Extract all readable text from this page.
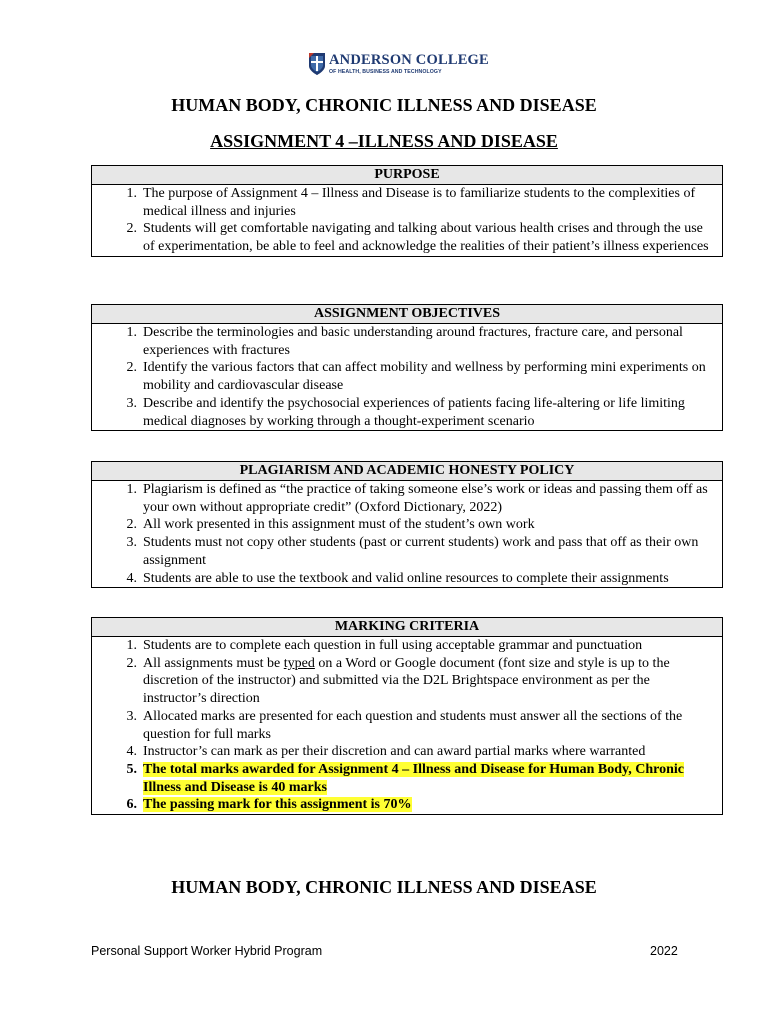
ANDERSON COLLEGE
OF HEALTH, BUSINESS AND TECHNOLOGY
HUMAN BODY, CHRONIC ILLNESS AND DISEASE
ASSIGNMENT 4 –ILLNESS AND DISEASE
PURPOSE
1. The purpose of Assignment 4 – Illness and Disease is to familiarize students to the complexities of medical illness and injuries
2. Students will get comfortable navigating and talking about various health crises and through the use of experimentation, be able to feel and acknowledge the realities of their patient’s illness experiences
ASSIGNMENT OBJECTIVES
1. Describe the terminologies and basic understanding around fractures, fracture care, and personal experiences with fractures
2. Identify the various factors that can affect mobility and wellness by performing mini experiments on mobility and cardiovascular disease
3. Describe and identify the psychosocial experiences of patients facing life-altering or life limiting medical diagnoses by working through a thought-experiment scenario
PLAGIARISM AND ACADEMIC HONESTY POLICY
1. Plagiarism is defined as “the practice of taking someone else’s work or ideas and passing them off as your own without appropriate credit” (Oxford Dictionary, 2022)
2. All work presented in this assignment must of the student’s own work
3. Students must not copy other students (past or current students) work and pass that off as their own assignment
4. Students are able to use the textbook and valid online resources to complete their assignments
MARKING CRITERIA
1. Students are to complete each question in full using acceptable grammar and punctuation
2. All assignments must be typed on a Word or Google document (font size and style is up to the discretion of the instructor) and submitted via the D2L Brightspace environment as per the instructor’s direction
3. Allocated marks are presented for each question and students must answer all the sections of the question for full marks
4. Instructor’s can mark as per their discretion and can award partial marks where warranted
5. The total marks awarded for Assignment 4 – Illness and Disease for Human Body, Chronic Illness and Disease is 40 marks
6. The passing mark for this assignment is 70%
HUMAN BODY, CHRONIC ILLNESS AND DISEASE
Personal Support Worker Hybrid Program	2022
